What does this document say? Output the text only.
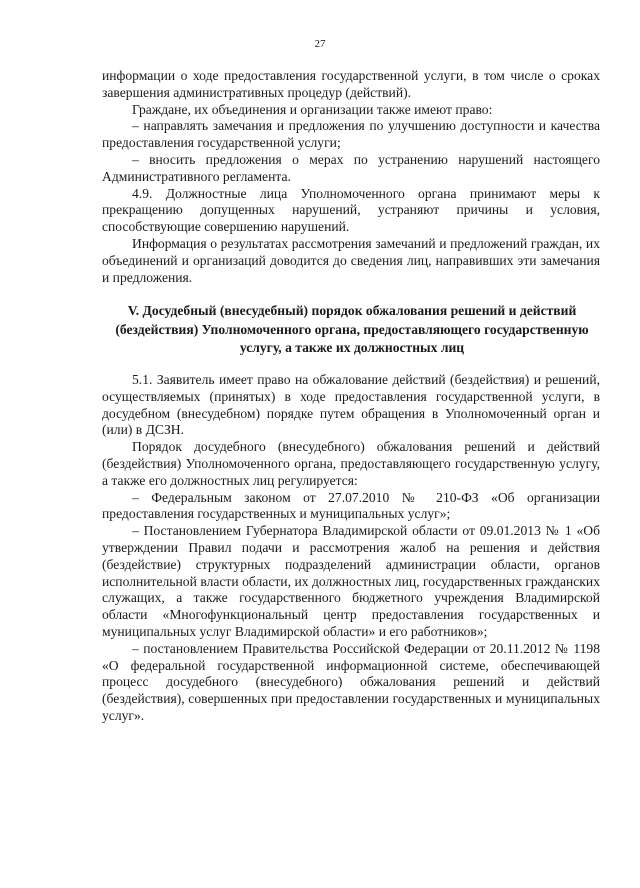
27

информации о ходе предоставления государственной услуги, в том числе о сроках завершения административных процедур (действий).

Граждане, их объединения и организации также имеют право:

– направлять замечания и предложения по улучшению доступности и качества предоставления государственной услуги;

– вносить предложения о мерах по устранению нарушений настоящего Административного регламента.

4.9. Должностные лица Уполномоченного органа принимают меры к прекращению допущенных нарушений, устраняют причины и условия, способствующие совершению нарушений.

Информация о результатах рассмотрения замечаний и предложений граждан, их объединений и организаций доводится до сведения лиц, направивших эти замечания и предложения.

V. Досудебный (внесудебный) порядок обжалования решений и действий (бездействия) Уполномоченного органа, предоставляющего государственную услугу, а также их должностных лиц

5.1. Заявитель имеет право на обжалование действий (бездействия) и решений, осуществляемых (принятых) в ходе предоставления государственной услуги, в досудебном (внесудебном) порядке путем обращения в Уполномоченный орган и (или) в ДСЗН.

Порядок досудебного (внесудебного) обжалования решений и действий (бездействия) Уполномоченного органа, предоставляющего государственную услугу, а также его должностных лиц регулируется:

– Федеральным законом от 27.07.2010 № 210-ФЗ «Об организации предоставления государственных и муниципальных услуг»;

– Постановлением Губернатора Владимирской области от 09.01.2013 № 1 «Об утверждении Правил подачи и рассмотрения жалоб на решения и действия (бездействие) структурных подразделений администрации области, органов исполнительной власти области, их должностных лиц, государственных гражданских служащих, а также государственного бюджетного учреждения Владимирской области «Многофункциональный центр предоставления государственных и муниципальных услуг Владимирской области» и его работников»;

– постановлением Правительства Российской Федерации от 20.11.2012 № 1198 «О федеральной государственной информационной системе, обеспечивающей процесс досудебного (внесудебного) обжалования решений и действий (бездействия), совершенных при предоставлении государственных и муниципальных услуг».
